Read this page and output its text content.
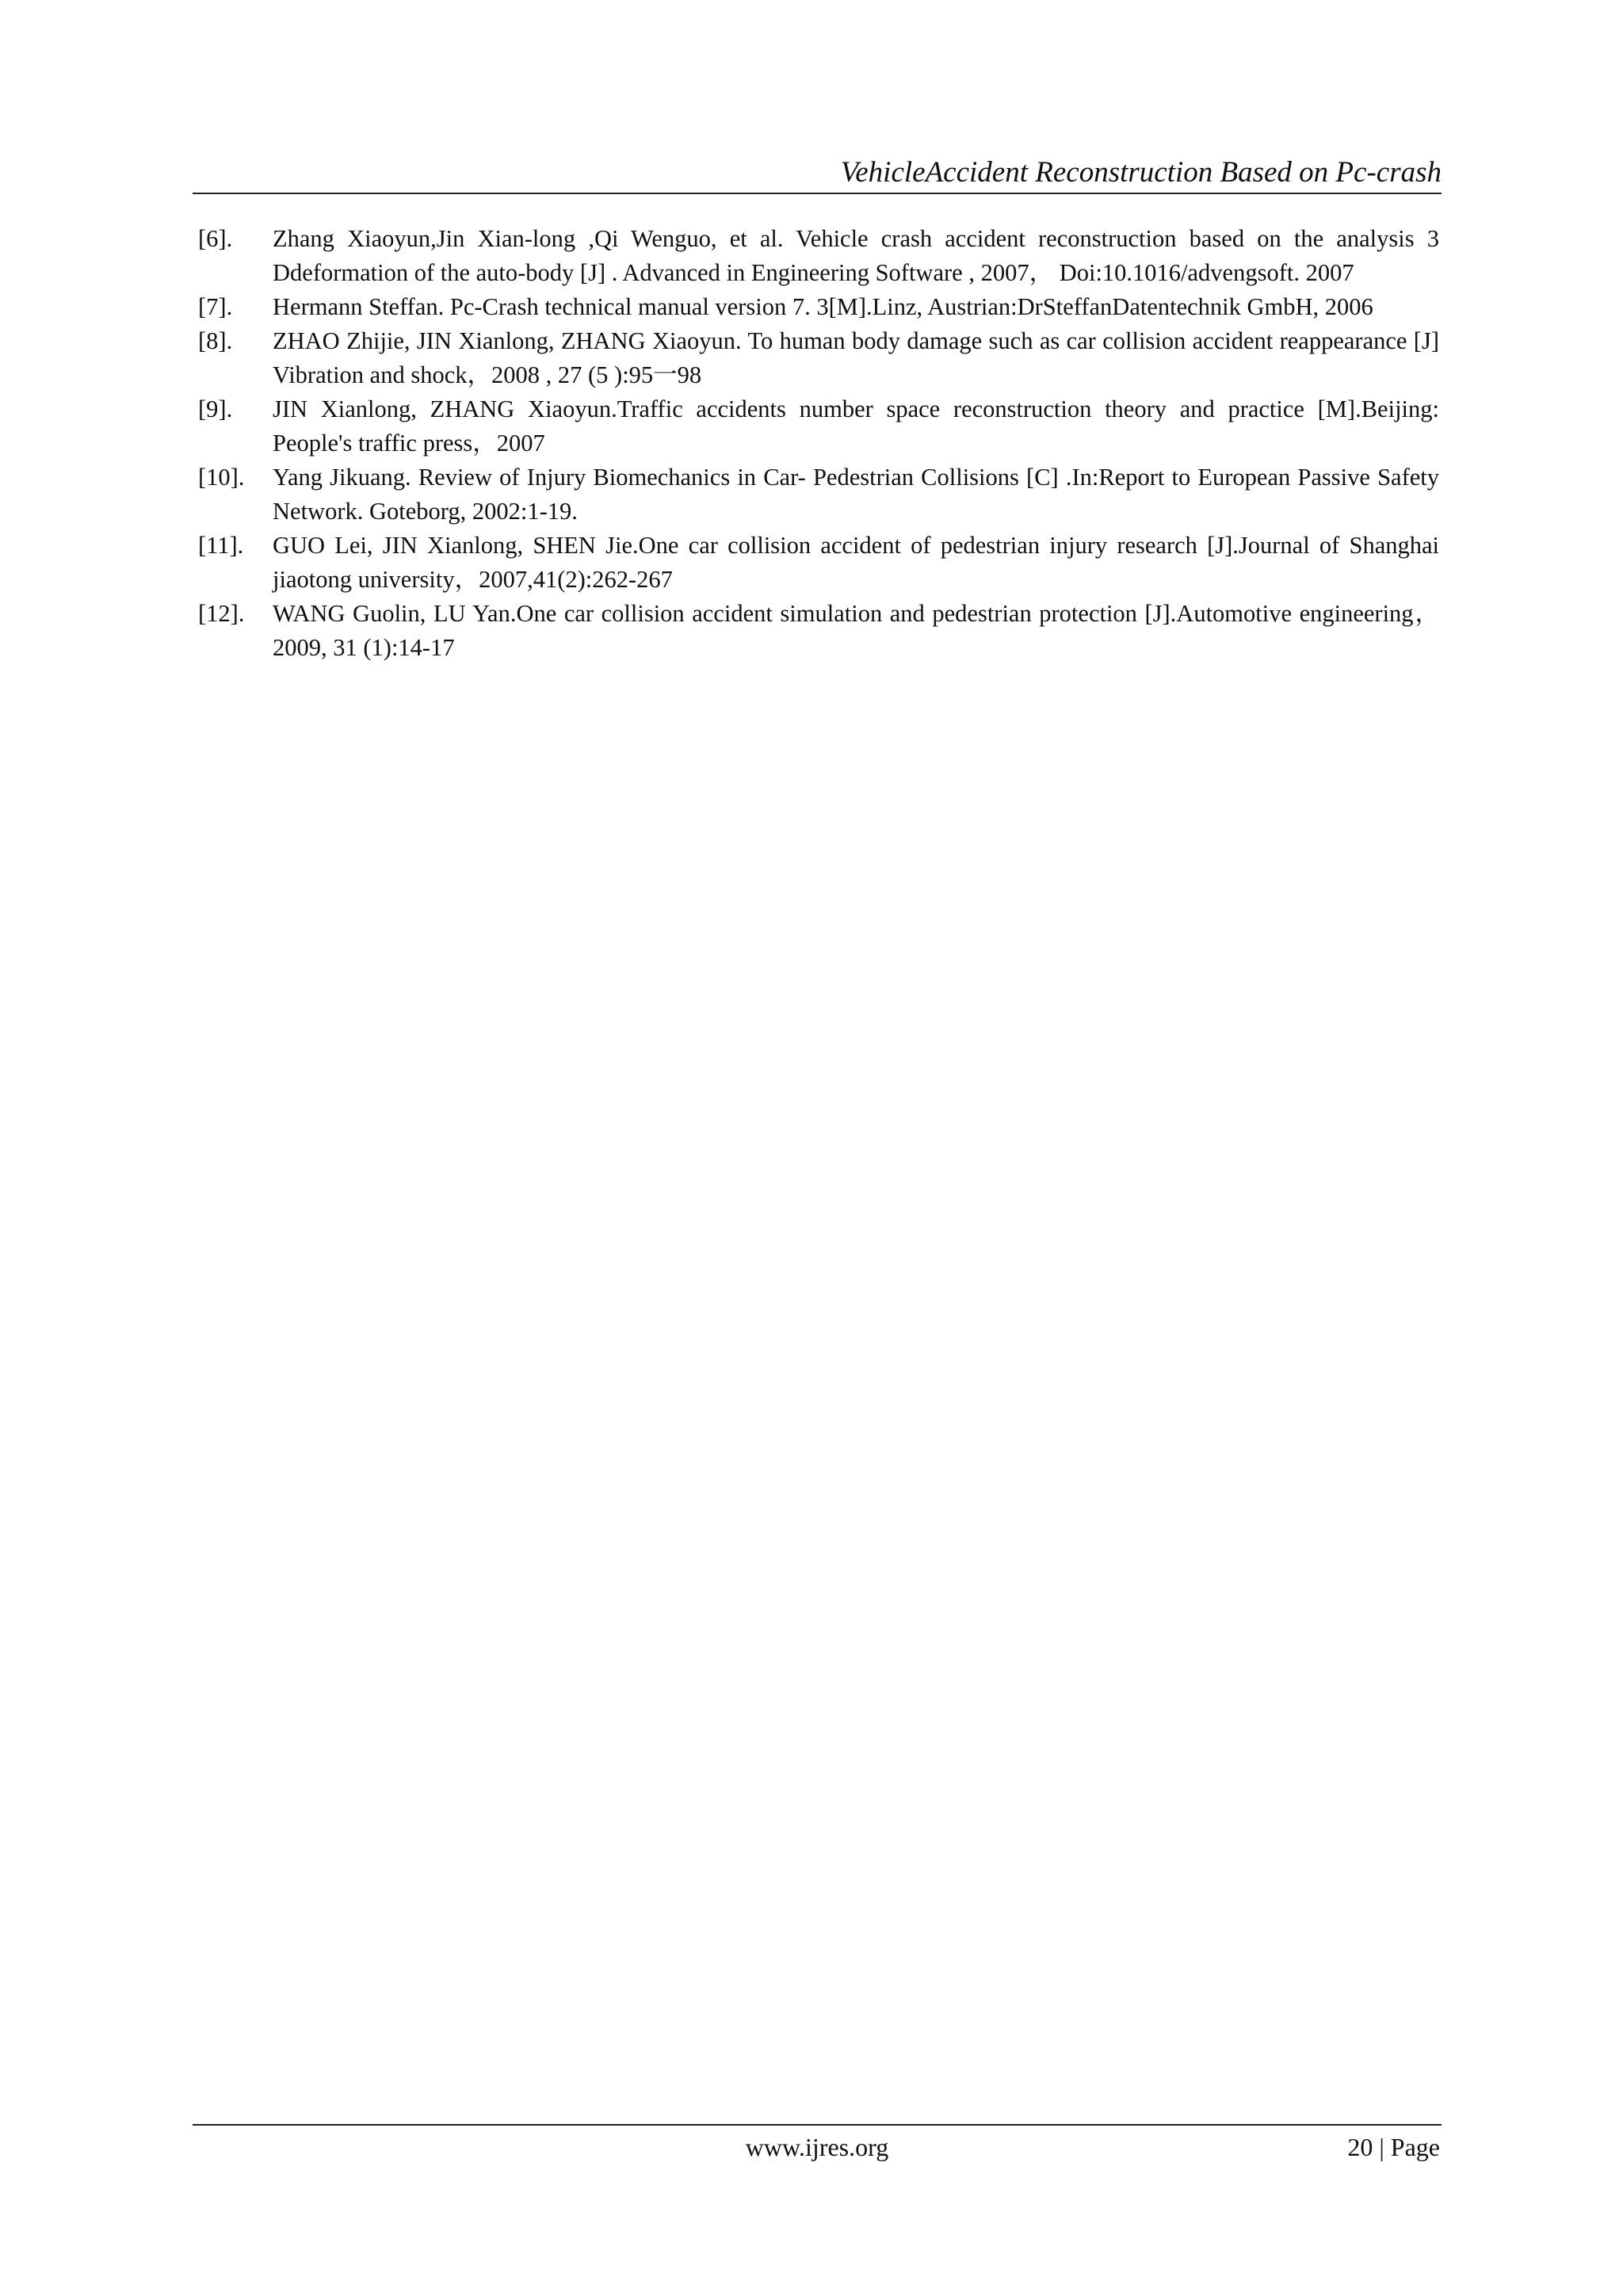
VehicleAccident Reconstruction Based on Pc-crash
[6].	Zhang Xiaoyun,Jin Xian-long ,Qi Wenguo, et al. Vehicle crash accident reconstruction based on the analysis 3 Ddeformation of the auto-body [J] . Advanced in Engineering Software , 2007， Doi:10.1016/advengsoft. 2007
[7].	Hermann Steffan. Pc-Crash technical manual version 7. 3[M].Linz, Austrian:DrSteffanDatentechnik GmbH, 2006
[8].	ZHAO Zhijie, JIN Xianlong, ZHANG Xiaoyun. To human body damage such as car collision accident reappearance [J] Vibration and shock，2008 , 27 (5 ):95一98
[9].	JIN Xianlong, ZHANG Xiaoyun.Traffic accidents number space reconstruction theory and practice [M].Beijing: People's traffic press，2007
[10].	Yang Jikuang. Review of Injury Biomechanics in Car- Pedestrian Collisions [C] .In:Report to European Passive Safety Network. Goteborg, 2002:1-19.
[11].	GUO Lei, JIN Xianlong, SHEN Jie.One car collision accident of pedestrian injury research [J].Journal of Shanghai jiaotong university，2007,41(2):262-267
[12].	WANG Guolin, LU Yan.One car collision accident simulation and pedestrian protection [J].Automotive engineering，2009, 31 (1):14-17
www.ijres.org	20 | Page
